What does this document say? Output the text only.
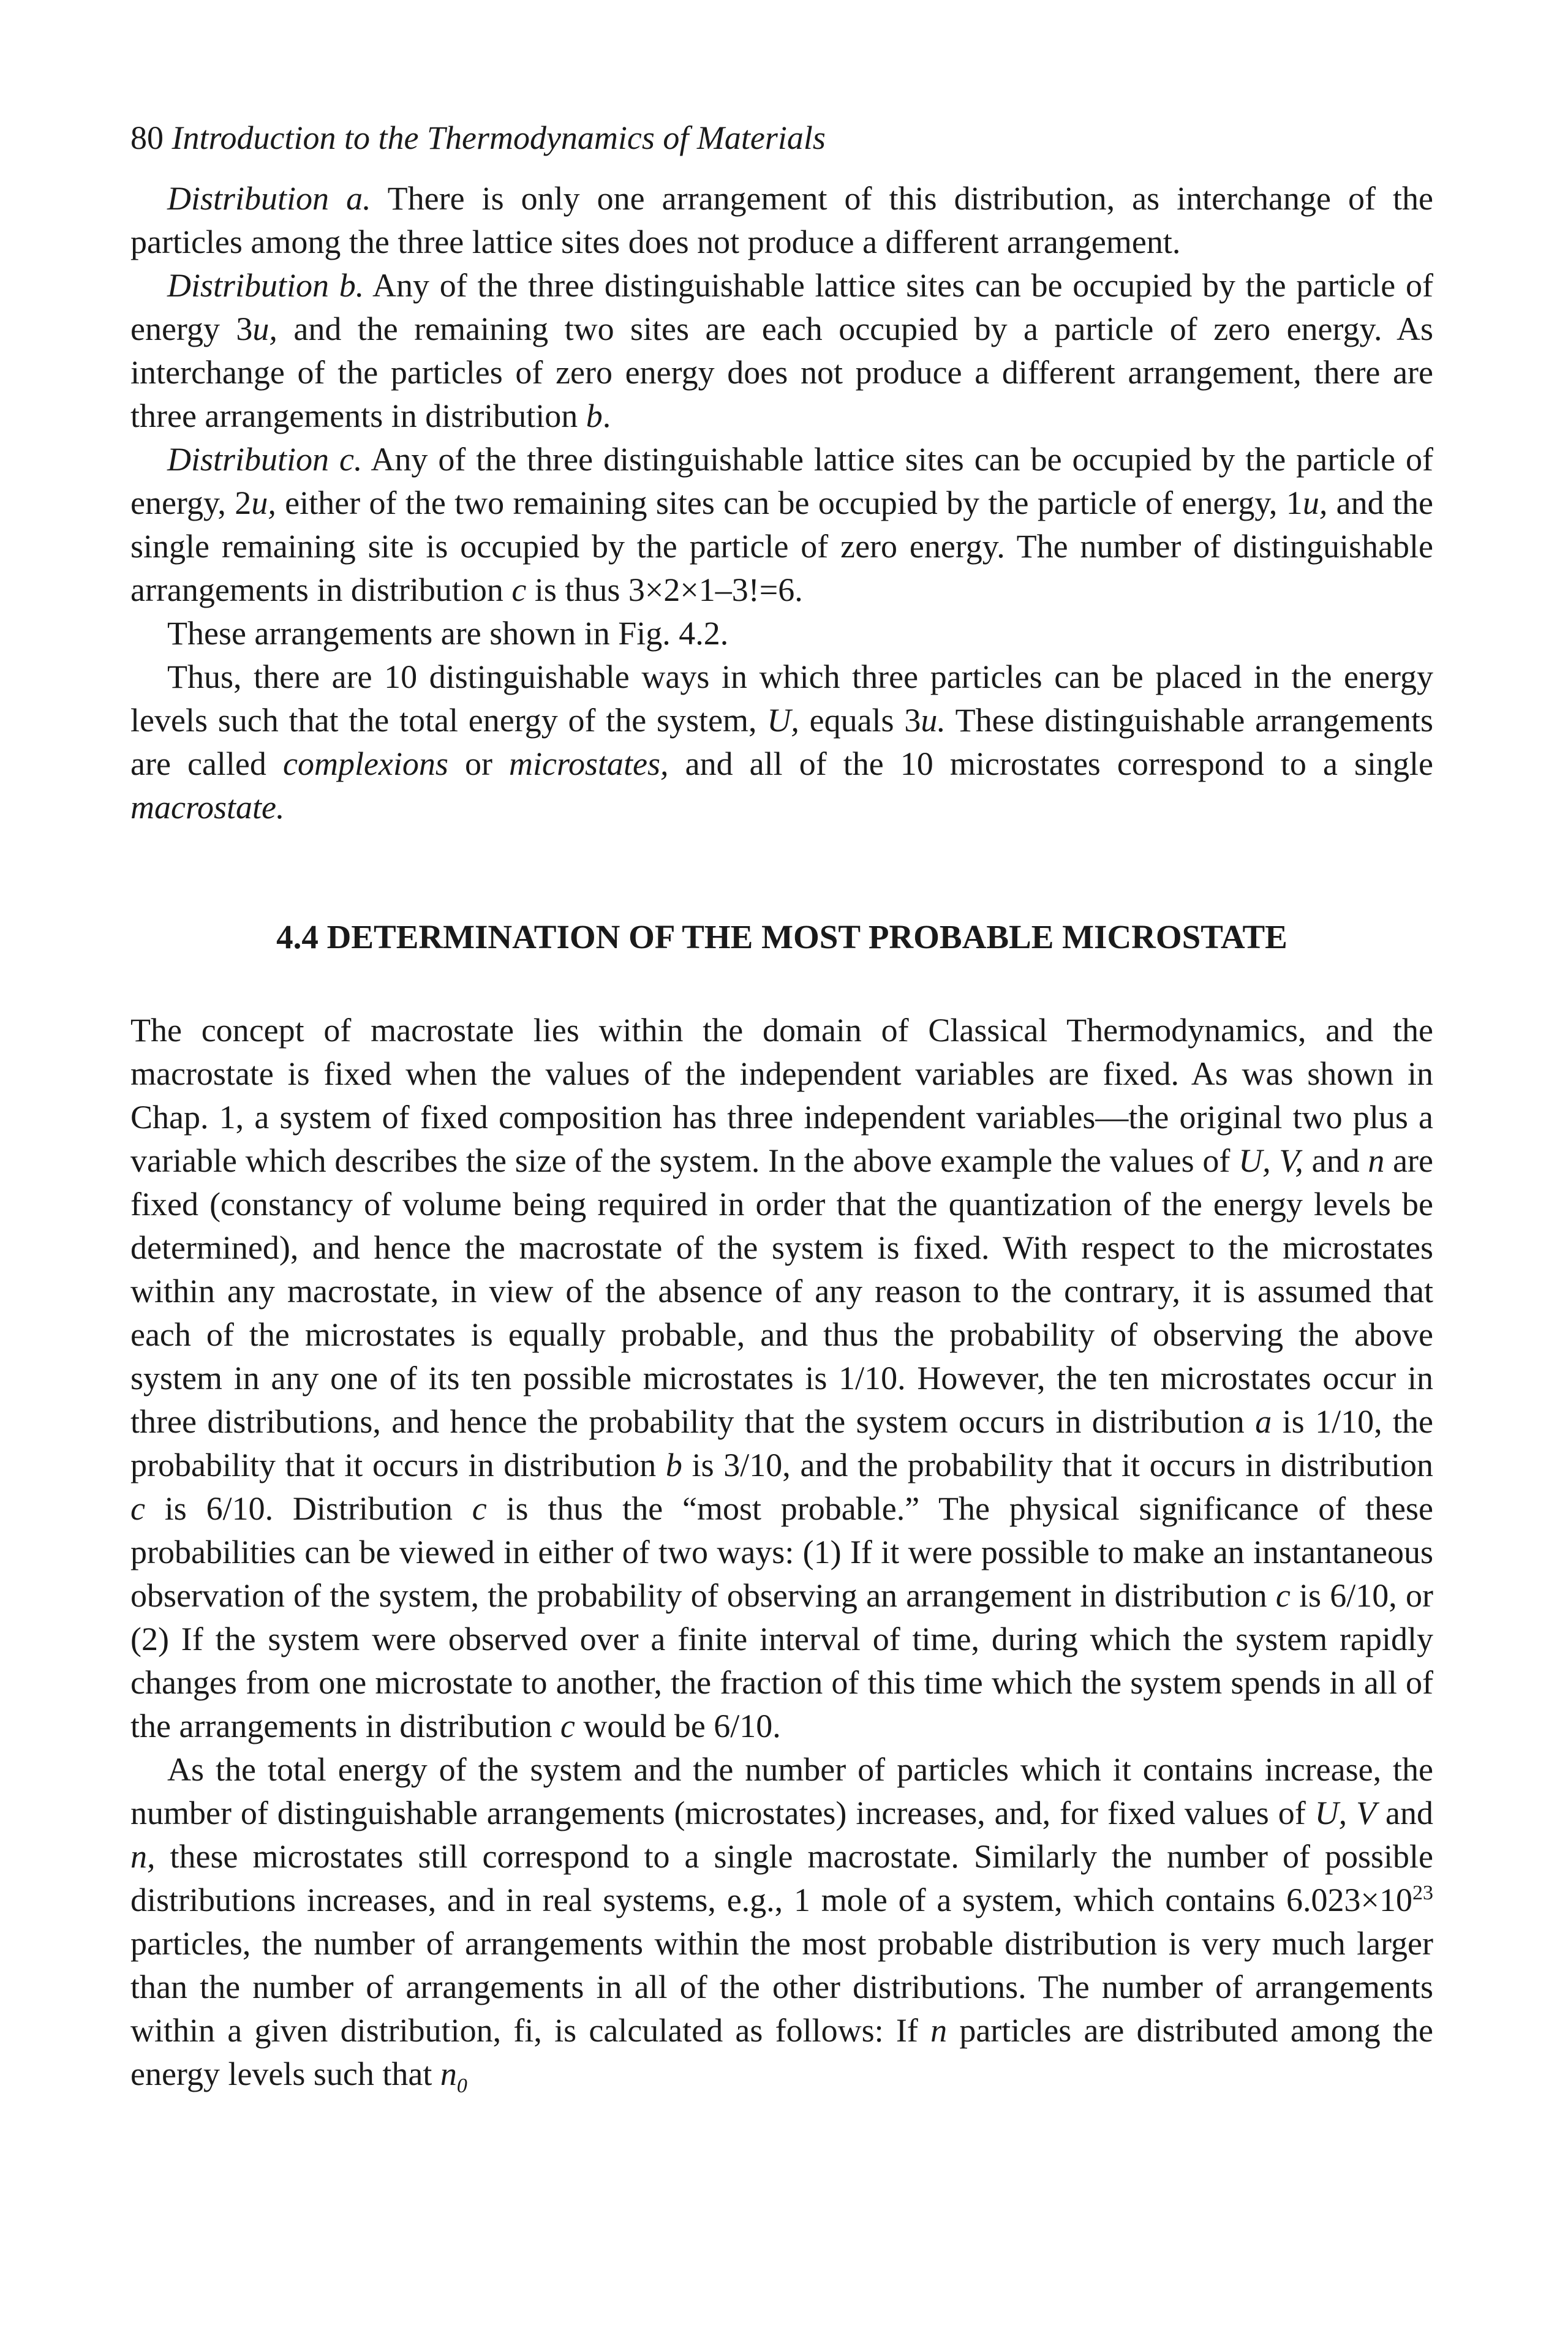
80 Introduction to the Thermodynamics of Materials

Distribution a. There is only one arrangement of this distribution, as interchange of the particles among the three lattice sites does not produce a different arrangement.

Distribution b. Any of the three distinguishable lattice sites can be occupied by the particle of energy 3u, and the remaining two sites are each occupied by a particle of zero energy. As interchange of the particles of zero energy does not produce a different arrangement, there are three arrangements in distribution b.

Distribution c. Any of the three distinguishable lattice sites can be occupied by the particle of energy, 2u, either of the two remaining sites can be occupied by the particle of energy, 1u, and the single remaining site is occupied by the particle of zero energy. The number of distinguishable arrangements in distribution c is thus 3×2×1–3!=6.

These arrangements are shown in Fig. 4.2.

Thus, there are 10 distinguishable ways in which three particles can be placed in the energy levels such that the total energy of the system, U, equals 3u. These distinguishable arrangements are called complexions or microstates, and all of the 10 microstates correspond to a single macrostate.

4.4 DETERMINATION OF THE MOST PROBABLE MICROSTATE

The concept of macrostate lies within the domain of Classical Thermodynamics, and the macrostate is fixed when the values of the independent variables are fixed. As was shown in Chap. 1, a system of fixed composition has three independent variables—the original two plus a variable which describes the size of the system. In the above example the values of U, V, and n are fixed (constancy of volume being required in order that the quantization of the energy levels be determined), and hence the macrostate of the system is fixed. With respect to the microstates within any macrostate, in view of the absence of any reason to the contrary, it is assumed that each of the microstates is equally probable, and thus the probability of observing the above system in any one of its ten possible microstates is 1/10. However, the ten microstates occur in three distributions, and hence the probability that the system occurs in distribution a is 1/10, the probability that it occurs in distribution b is 3/10, and the probability that it occurs in distribution c is 6/10. Distribution c is thus the “most probable.” The physical significance of these probabilities can be viewed in either of two ways: (1) If it were possible to make an instantaneous observation of the system, the probability of observing an arrangement in distribution c is 6/10, or (2) If the system were observed over a finite interval of time, during which the system rapidly changes from one microstate to another, the fraction of this time which the system spends in all of the arrangements in distribution c would be 6/10.

As the total energy of the system and the number of particles which it contains increase, the number of distinguishable arrangements (microstates) increases, and, for fixed values of U, V and n, these microstates still correspond to a single macrostate. Similarly the number of possible distributions increases, and in real systems, e.g., 1 mole of a system, which contains $6.023\times 10^{23}$ particles, the number of arrangements within the most probable distribution is very much larger than the number of arrangements in all of the other distributions. The number of arrangements within a given distribution, fi, is calculated as follows: If n particles are distributed among the energy levels such that $n_0$
